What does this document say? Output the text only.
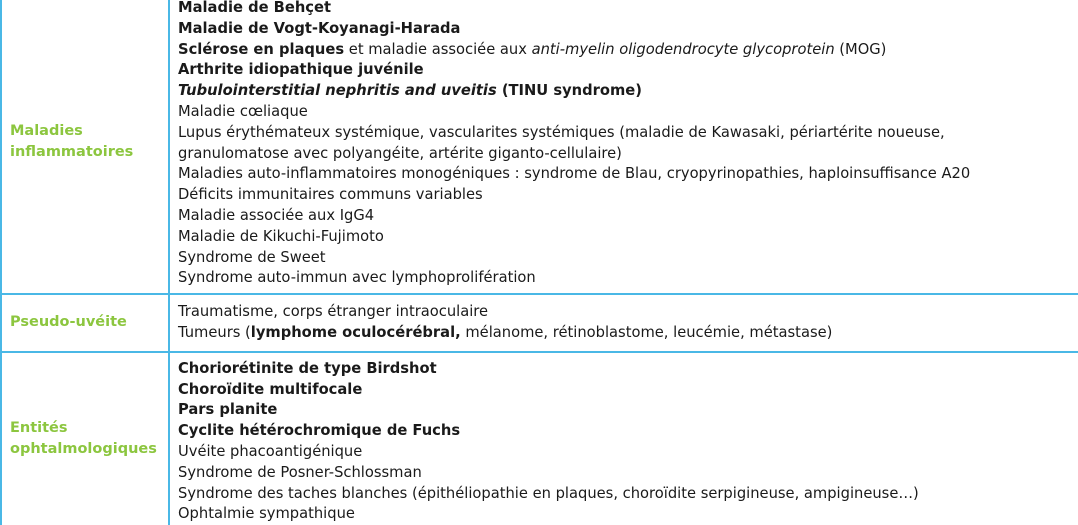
Maladies
inflammatoires
Maladie de Behçet
Maladie de Vogt-Koyanagi-Harada
Sclérose en plaques et maladie associée aux anti-myelin oligodendrocyte glycoprotein (MOG)
Arthrite idiopathique juvénile
Tubulointerstitial nephritis and uveitis (TINU syndrome)
Maladie cœliaque
Lupus érythémateux systémique, vascularites systémiques (maladie de Kawasaki, périartérite noueuse,
granulomatose avec polyangéite, artérite giganto-cellulaire)
Maladies auto-inflammatoires monogéniques : syndrome de Blau, cryopyrinopathies, haploinsuffisance A20
Déficits immunitaires communs variables
Maladie associée aux IgG4
Maladie de Kikuchi-Fujimoto
Syndrome de Sweet
Syndrome auto-immun avec lymphoprolifération
Pseudo-uvéite
Traumatisme, corps étranger intraoculaire
Tumeurs (lymphome oculocérébral, mélanome, rétinoblastome, leucémie, métastase)
Entités
ophtalmologiques
Choriorétinite de type Birdshot
Choroïdite multifocale
Pars planite
Cyclite hétérochromique de Fuchs
Uvéite phacoantigénique
Syndrome de Posner-Schlossman
Syndrome des taches blanches (épithéliopathie en plaques, choroïdite serpigineuse, ampigineuse…)
Ophtalmie sympathique
